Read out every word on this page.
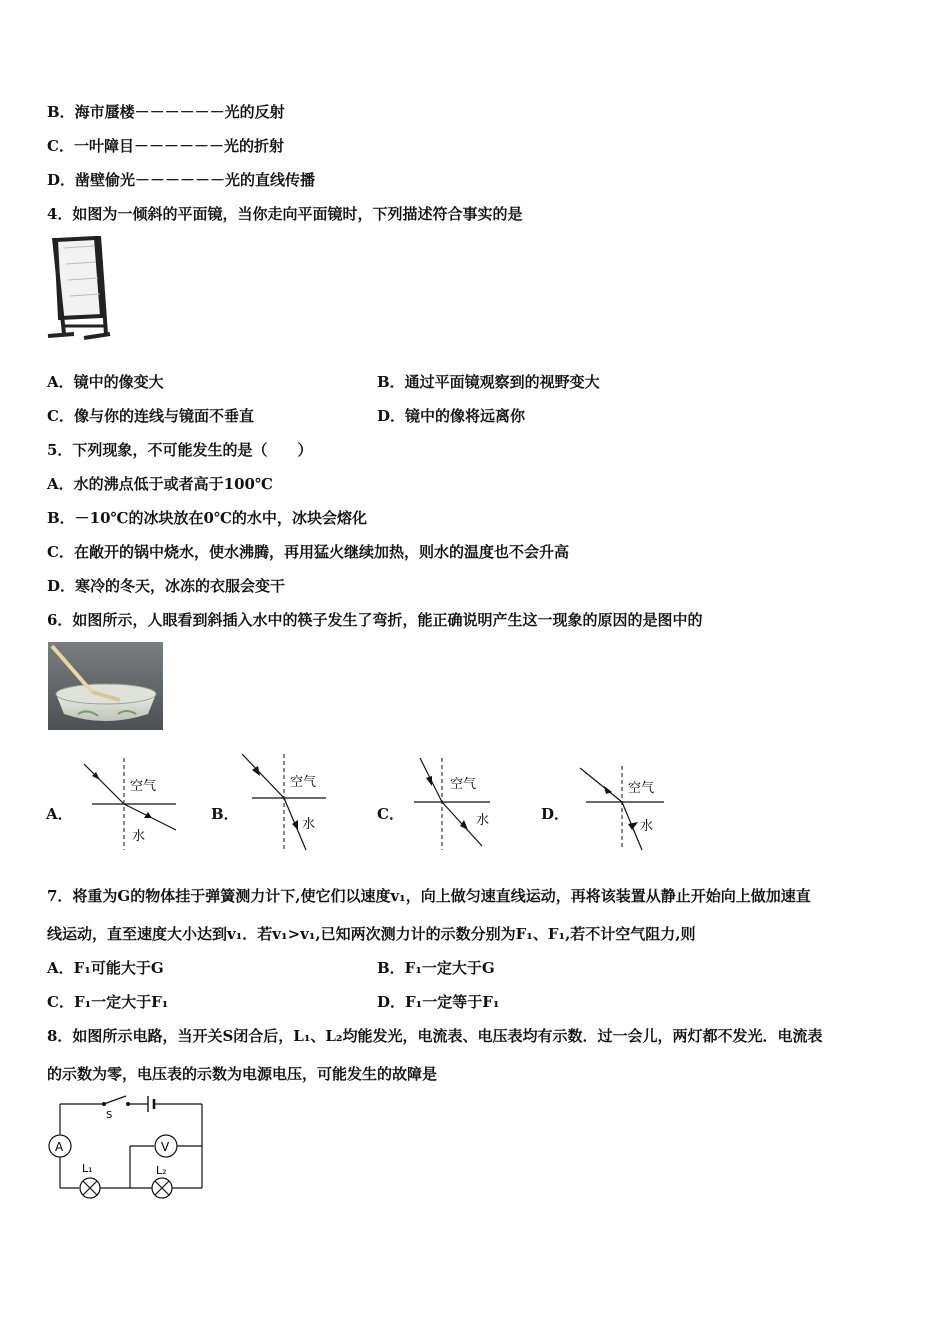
B．海市蜃楼－－－－－－光的反射
C．一叶障目－－－－－－光的折射
D．凿壁偷光－－－－－－光的直线传播
4．如图为一倾斜的平面镜，当你走向平面镜时，下列描述符合事实的是
A．镜中的像变大	B．通过平面镜观察到的视野变大
C．像与你的连线与镜面不垂直	D．镜中的像将远离你
5．下列现象，不可能发生的是（　　）
A．水的沸点低于或者高于100℃
B．－10℃的冰块放在0℃的水中，冰块会熔化
C．在敞开的锅中烧水，使水沸腾，再用猛火继续加热，则水的温度也不会升高
D．寒冷的冬天，冰冻的衣服会变干
6．如图所示，人眼看到斜插入水中的筷子发生了弯折，能正确说明产生这一现象的原因的是图中的
A．
空气
水
B．
空气
水
C．
空气
水	D．
空气
水
7．将重为G的物体挂于弹簧测力计下,使它们以速度v₁，向上做匀速直线运动，再将该装置从静止开始向上做加速直
线运动，直至速度大小达到v₁．若v₁>v₁,已知两次测力计的示数分别为F₁、F₁,若不计空气阻力,则
A．F₁可能大于G	B．F₁一定大于G
C．F₁一定大于F₁	D．F₁一定等于F₁
8．如图所示电路，当开关S闭合后，L₁、L₂均能发光，电流表、电压表均有示数．过一会儿，两灯都不发光．电流表
的示数为零，电压表的示数为电源电压，可能发生的故障是
S
A
L₁	L₂
V
